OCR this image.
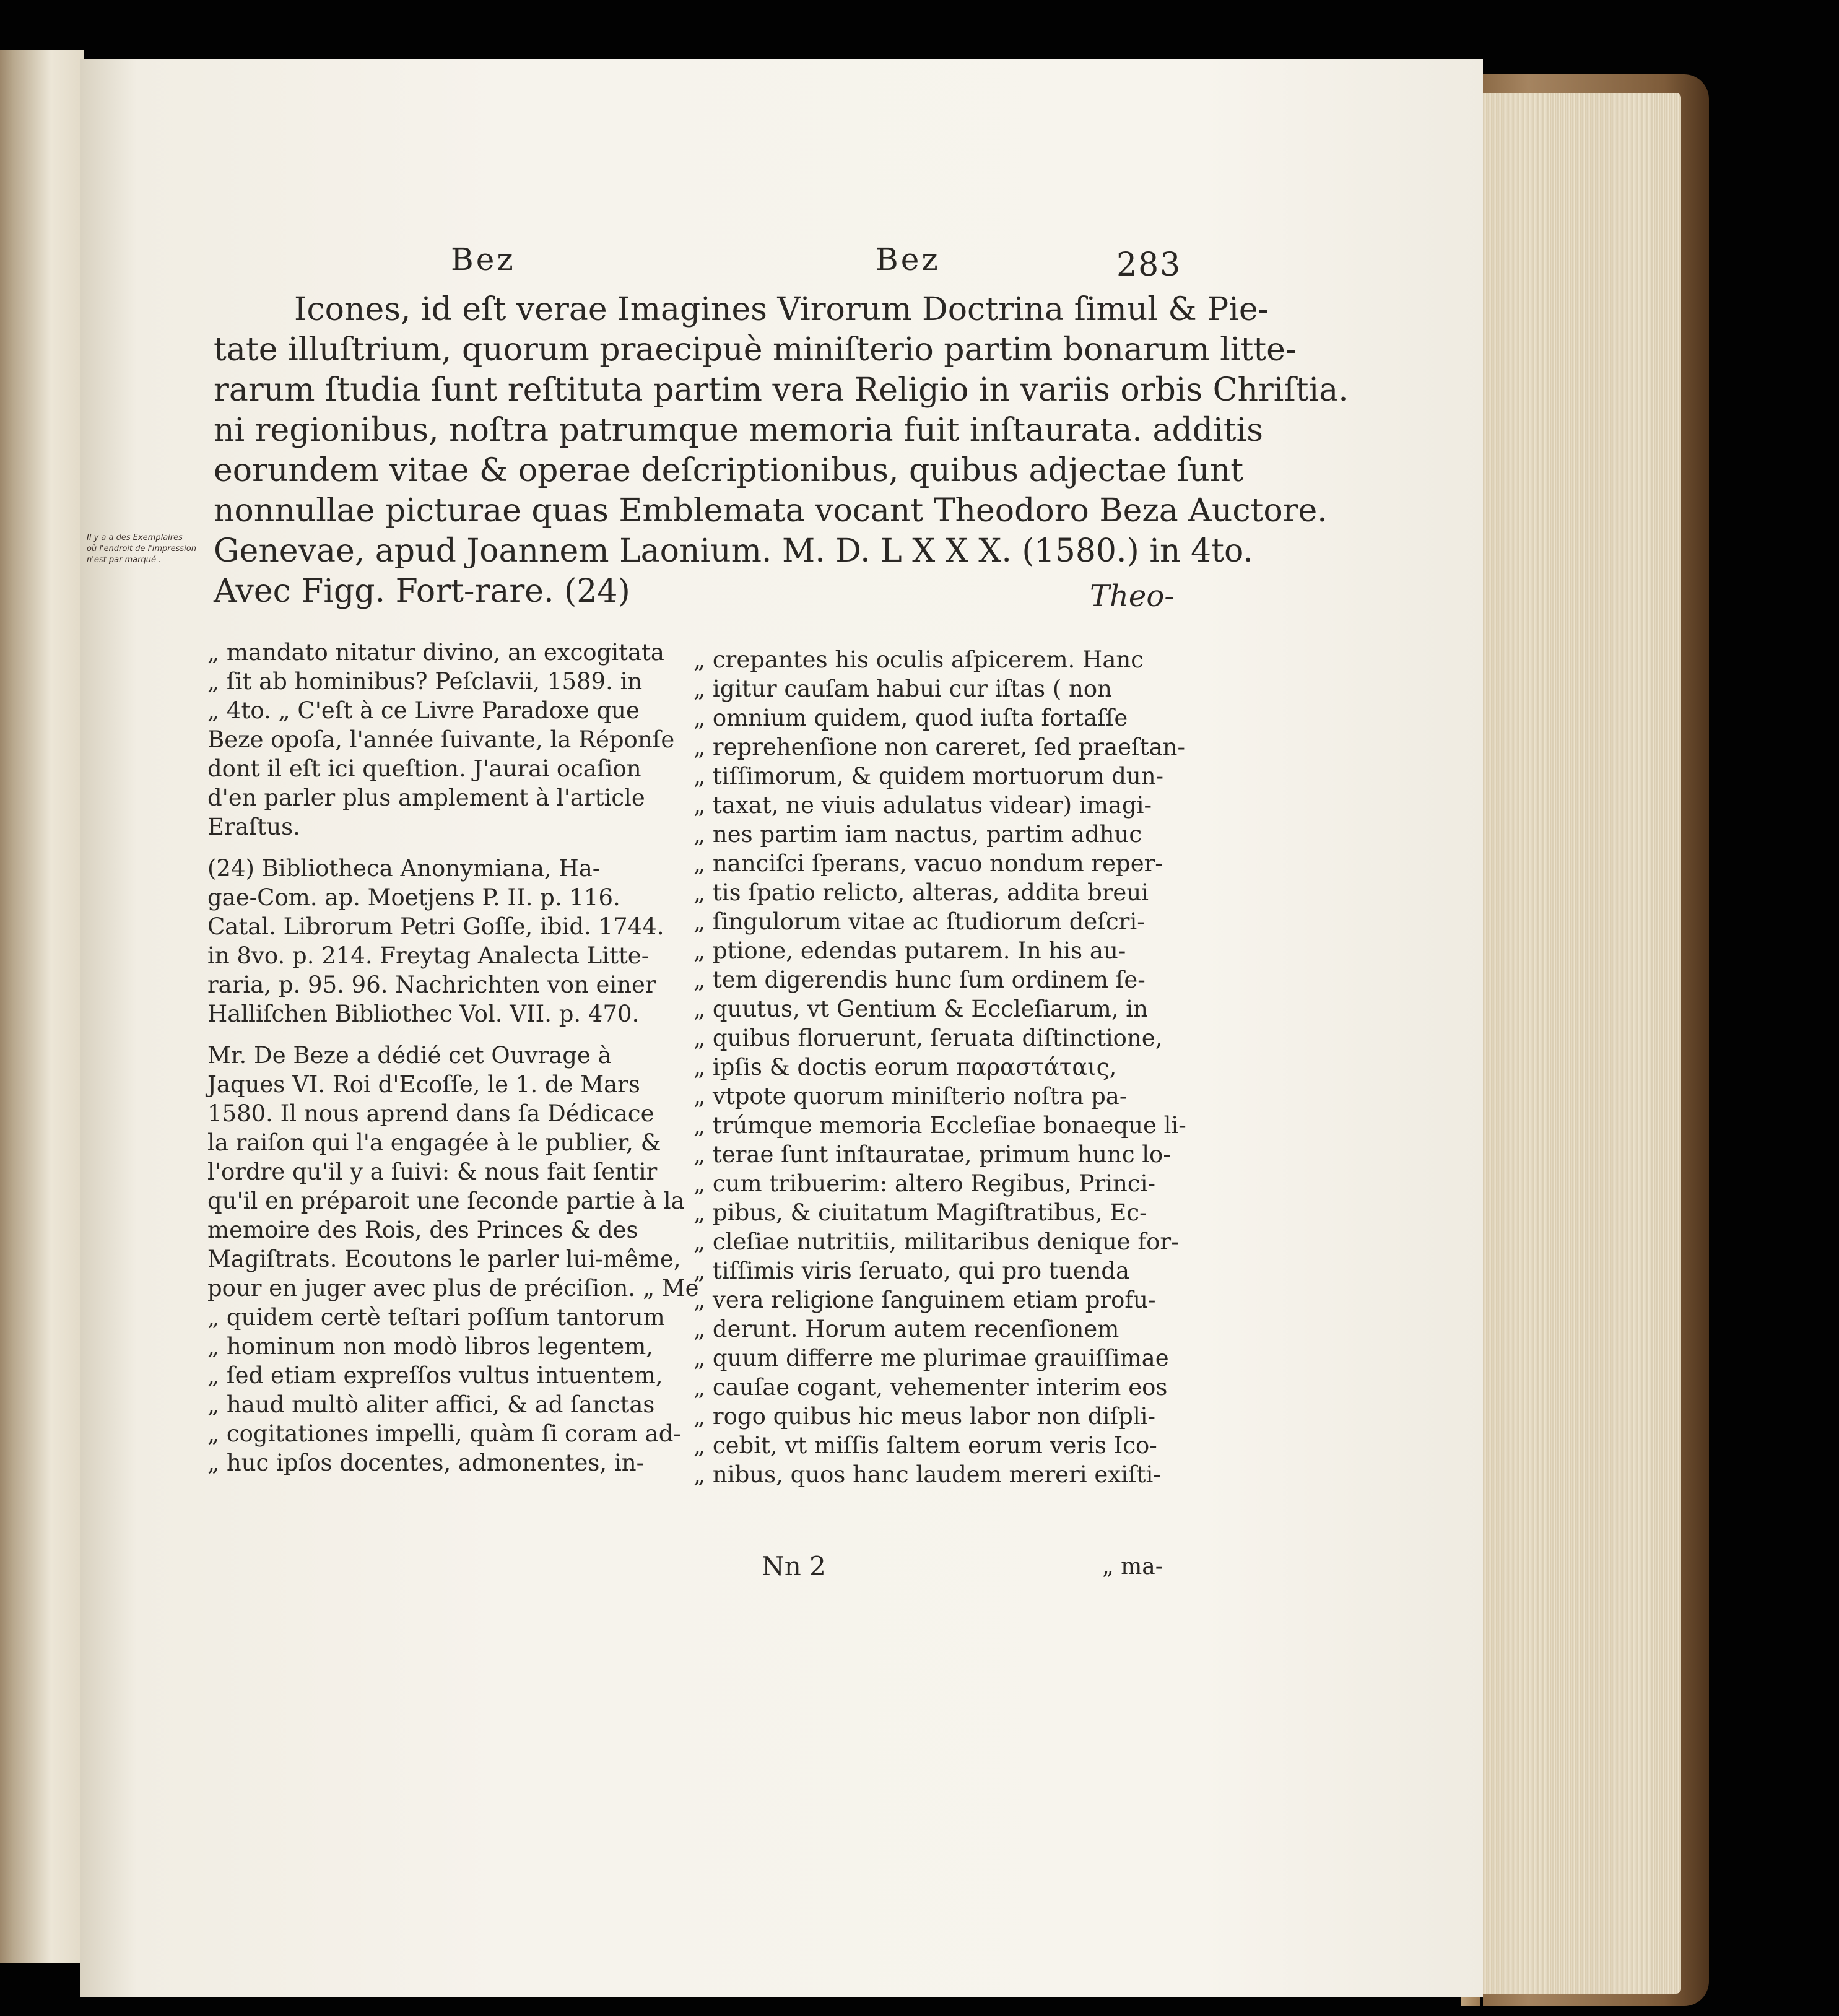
Bez	Bez	283
Icones, id eſt verae Imagines Virorum Doctrina ſimul & Pie-
tate illuſtrium, quorum praecipuè miniſterio partim bonarum litte-
rarum ſtudia ſunt reſtituta partim vera Religio in variis orbis Chriſtia.
ni regionibus, noſtra patrumque memoria fuit inſtaurata. additis
eorundem vitae & operae deſcriptionibus, quibus adjectae ſunt
nonnullae picturae quas Emblemata vocant Theodoro Beza Auctore.
Genevae, apud Joannem Laonium. M. D. L X X X. (1580.) in 4to.
Avec Figg. Fort-rare. (24)
Il y a a des Exemplaires
où l'endroit de l'impression
n'est par marqué .
Theo-
„ mandato nitatur divino, an excogitata
„ ſit ab hominibus? Peſclavii, 1589. in
„ 4to. „ C'eſt à ce Livre Paradoxe que
Beze opoſa, l'année ſuivante, la Réponſe
dont il eſt ici queſtion. J'aurai ocaſion
d'en parler plus amplement à l'article
Eraſtus.
(24) Bibliotheca Anonymiana, Ha-
gae-Com. ap. Moetjens P. II. p. 116.
Catal. Librorum Petri Goſſe, ibid. 1744.
in 8vo. p. 214. Freytag Analecta Litte-
raria, p. 95. 96. Nachrichten von einer
Halliſchen Bibliothec Vol. VII. p. 470.
Mr. De Beze a dédié cet Ouvrage à
Jaques VI. Roi d'Ecoſſe, le 1. de Mars
1580. Il nous aprend dans ſa Dédicace
la raiſon qui l'a engagée à le publier, &
l'ordre qu'il y a ſuivi: & nous fait ſentir
qu'il en préparoit une ſeconde partie à la
memoire des Rois, des Princes & des
Magiſtrats. Ecoutons le parler lui-même,
pour en juger avec plus de préciſion. „ Me
„ quidem certè teſtari poſſum tantorum
„ hominum non modò libros legentem,
„ ſed etiam expreſſos vultus intuentem,
„ haud multò aliter affici, & ad ſanctas
„ cogitationes impelli, quàm ſi coram ad-
„ huc ipſos docentes, admonentes, in-
„ crepantes his oculis aſpicerem. Hanc
„ igitur cauſam habui cur iſtas ( non
„ omnium quidem, quod iuſta fortaſſe
„ reprehenſione non careret, ſed praeſtan-
„ tiſſimorum, & quidem mortuorum dun-
„ taxat, ne viuis adulatus videar) imagi-
„ nes partim iam nactus, partim adhuc
„ nanciſci ſperans, vacuo nondum reper-
„ tis ſpatio relicto, alteras, addita breui
„ ſingulorum vitae ac ſtudiorum deſcri-
„ ptione, edendas putarem. In his au-
„ tem digerendis hunc ſum ordinem ſe-
„ quutus, vt Gentium & Eccleſiarum, in
„ quibus floruerunt, ſeruata diſtinctione,
„ ipſis & doctis eorum παραστάταις,
„ vtpote quorum miniſterio noſtra pa-
„ trúmque memoria Eccleſiae bonaeque li-
„ terae ſunt inſtauratae, primum hunc lo-
„ cum tribuerim: altero Regibus, Princi-
„ pibus, & ciuitatum Magiſtratibus, Ec-
„ cleſiae nutritiis, militaribus denique for-
„ tiſſimis viris ſeruato, qui pro tuenda
„ vera religione ſanguinem etiam profu-
„ derunt. Horum autem recenſionem
„ quum differre me plurimae grauiſſimae
„ cauſae cogant, vehementer interim eos
„ rogo quibus hic meus labor non diſpli-
„ cebit, vt miſſis ſaltem eorum veris Ico-
„ nibus, quos hanc laudem mereri exiſti-
Nn 2	„ ma-
